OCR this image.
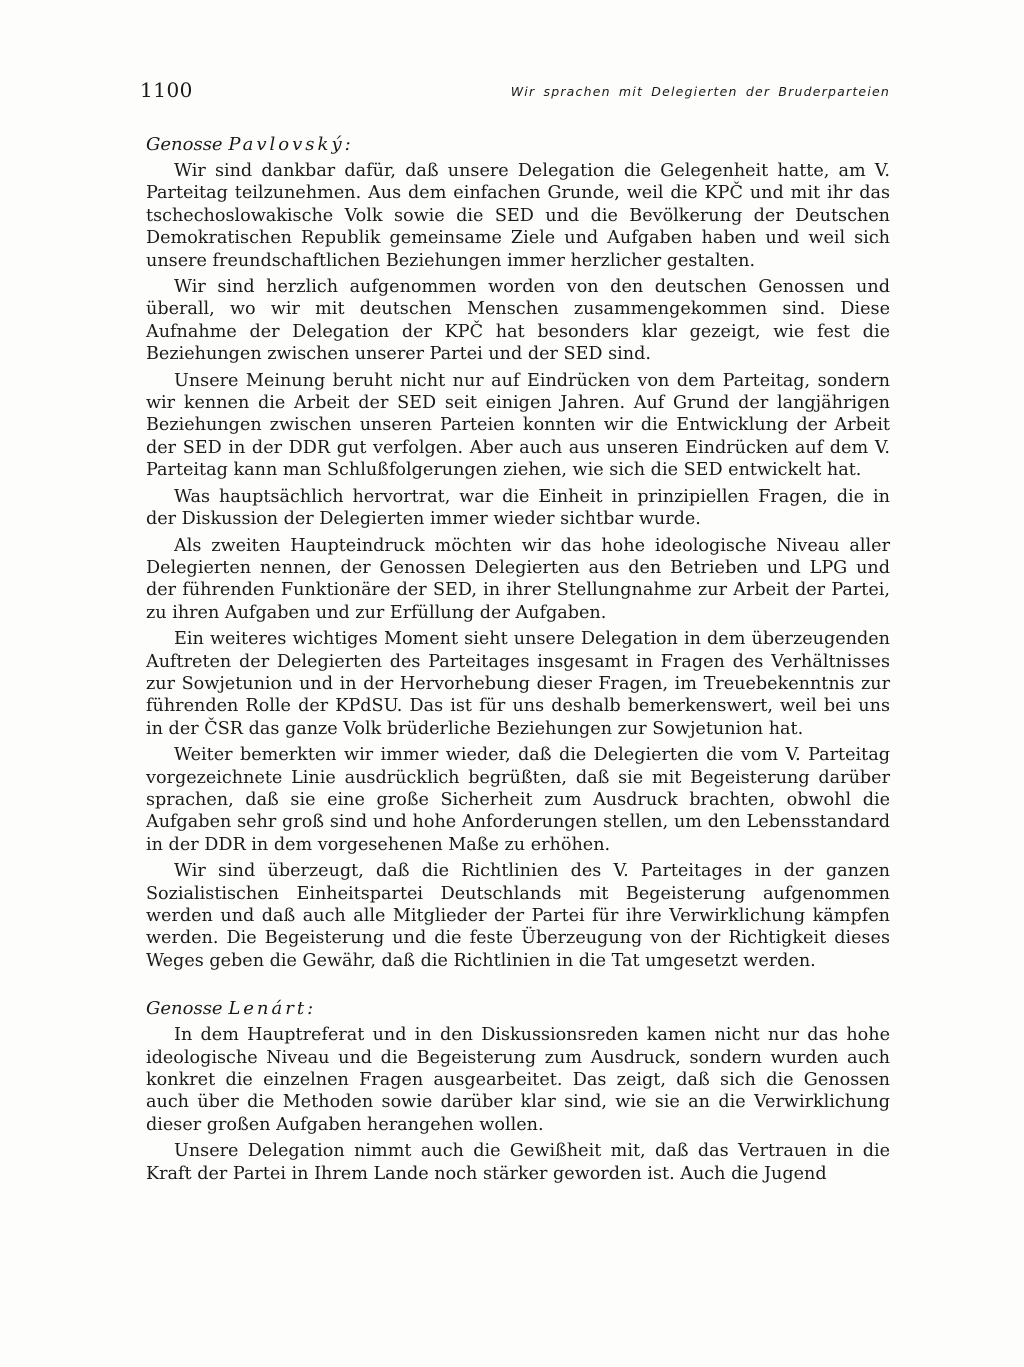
1100	Wir sprachen mit Delegierten der Bruderparteien
Genosse Pavlovský:

Wir sind dankbar dafür, daß unsere Delegation die Gelegenheit hatte, am V. Parteitag teilzunehmen. Aus dem einfachen Grunde, weil die KPČ und mit ihr das tschechoslowakische Volk sowie die SED und die Bevölkerung der Deutschen Demokratischen Republik gemeinsame Ziele und Aufgaben haben und weil sich unsere freundschaftlichen Beziehungen immer herzlicher gestalten.

Wir sind herzlich aufgenommen worden von den deutschen Genossen und überall, wo wir mit deutschen Menschen zusammengekommen sind. Diese Aufnahme der Delegation der KPČ hat besonders klar gezeigt, wie fest die Beziehungen zwischen unserer Partei und der SED sind.

Unsere Meinung beruht nicht nur auf Eindrücken von dem Parteitag, sondern wir kennen die Arbeit der SED seit einigen Jahren. Auf Grund der langjährigen Beziehungen zwischen unseren Parteien konnten wir die Entwicklung der Arbeit der SED in der DDR gut verfolgen. Aber auch aus unseren Eindrücken auf dem V. Parteitag kann man Schlußfolgerungen ziehen, wie sich die SED entwickelt hat.

Was hauptsächlich hervortrat, war die Einheit in prinzipiellen Fragen, die in der Diskussion der Delegierten immer wieder sichtbar wurde.

Als zweiten Haupteindruck möchten wir das hohe ideologische Niveau aller Delegierten nennen, der Genossen Delegierten aus den Betrieben und LPG und der führenden Funktionäre der SED, in ihrer Stellungnahme zur Arbeit der Partei, zu ihren Aufgaben und zur Erfüllung der Aufgaben.

Ein weiteres wichtiges Moment sieht unsere Delegation in dem überzeugenden Auftreten der Delegierten des Parteitages insgesamt in Fragen des Verhältnisses zur Sowjetunion und in der Hervorhebung dieser Fragen, im Treuebekenntnis zur führenden Rolle der KPdSU. Das ist für uns deshalb bemerkenswert, weil bei uns in der ČSR das ganze Volk brüderliche Beziehungen zur Sowjetunion hat.

Weiter bemerkten wir immer wieder, daß die Delegierten die vom V. Parteitag vorgezeichnete Linie ausdrücklich begrüßten, daß sie mit Begeisterung darüber sprachen, daß sie eine große Sicherheit zum Ausdruck brachten, obwohl die Aufgaben sehr groß sind und hohe Anforderungen stellen, um den Lebensstandard in der DDR in dem vorgesehenen Maße zu erhöhen.

Wir sind überzeugt, daß die Richtlinien des V. Parteitages in der ganzen Sozialistischen Einheitspartei Deutschlands mit Begeisterung aufgenommen werden und daß auch alle Mitglieder der Partei für ihre Verwirklichung kämpfen werden. Die Begeisterung und die feste Überzeugung von der Richtigkeit dieses Weges geben die Gewähr, daß die Richtlinien in die Tat umgesetzt werden.

Genosse Lenárt:

In dem Hauptreferat und in den Diskussionsreden kamen nicht nur das hohe ideologische Niveau und die Begeisterung zum Ausdruck, sondern wurden auch konkret die einzelnen Fragen ausgearbeitet. Das zeigt, daß sich die Genossen auch über die Methoden sowie darüber klar sind, wie sie an die Verwirklichung dieser großen Aufgaben herangehen wollen.

Unsere Delegation nimmt auch die Gewißheit mit, daß das Vertrauen in die Kraft der Partei in Ihrem Lande noch stärker geworden ist. Auch die Jugend
